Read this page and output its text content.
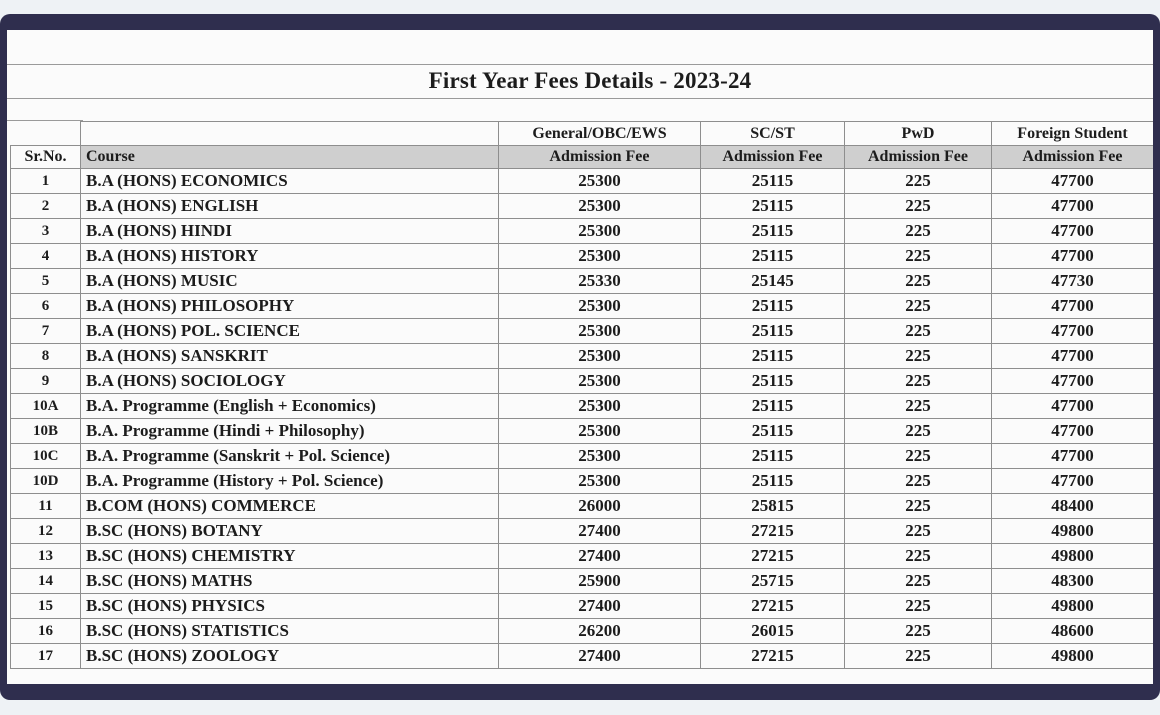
First Year Fees Details - 2023-24
		General/OBC/EWS	SC/ST	PwD	Foreign Student
Sr.No.	Course	Admission Fee	Admission Fee	Admission Fee	Admission Fee
1	B.A (HONS) ECONOMICS	25300	25115	225	47700
2	B.A (HONS) ENGLISH	25300	25115	225	47700
3	B.A (HONS) HINDI	25300	25115	225	47700
4	B.A (HONS) HISTORY	25300	25115	225	47700
5	B.A (HONS) MUSIC	25330	25145	225	47730
6	B.A (HONS) PHILOSOPHY	25300	25115	225	47700
7	B.A (HONS) POL. SCIENCE	25300	25115	225	47700
8	B.A (HONS) SANSKRIT	25300	25115	225	47700
9	B.A (HONS) SOCIOLOGY	25300	25115	225	47700
10A	B.A. Programme (English + Economics)	25300	25115	225	47700
10B	B.A. Programme (Hindi + Philosophy)	25300	25115	225	47700
10C	B.A. Programme (Sanskrit + Pol. Science)	25300	25115	225	47700
10D	B.A. Programme (History + Pol. Science)	25300	25115	225	47700
11	B.COM (HONS) COMMERCE	26000	25815	225	48400
12	B.SC (HONS) BOTANY	27400	27215	225	49800
13	B.SC (HONS) CHEMISTRY	27400	27215	225	49800
14	B.SC (HONS) MATHS	25900	25715	225	48300
15	B.SC (HONS) PHYSICS	27400	27215	225	49800
16	B.SC (HONS) STATISTICS	26200	26015	225	48600
17	B.SC (HONS) ZOOLOGY	27400	27215	225	49800
